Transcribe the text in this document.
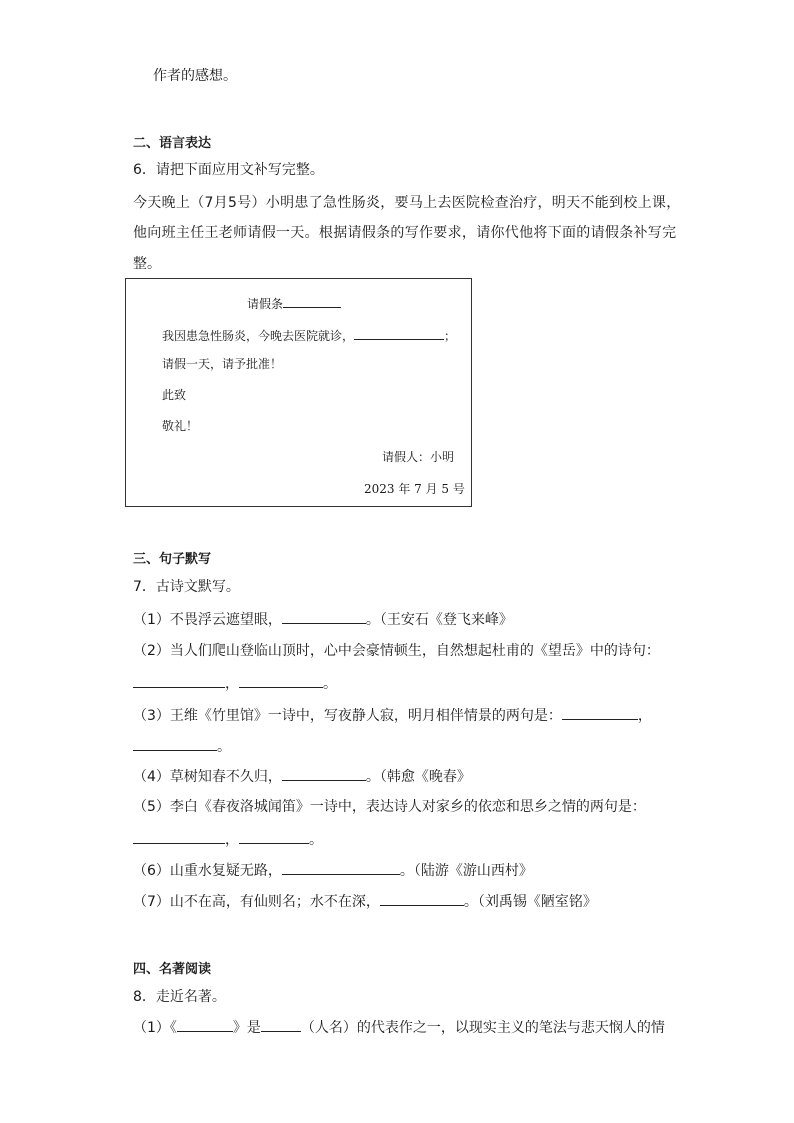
作者的感想。
二、语言表达
6．请把下面应用文补写完整。
今天晚上（7月5号）小明患了急性肠炎，要马上去医院检查治疗，明天不能到校上课，
他向班主任王老师请假一天。根据请假条的写作要求，请你代他将下面的请假条补写完
整。
请假条
我因患急性肠炎，今晚去医院就诊，	；
请假一天，请予批准！
此致
敬礼！
请假人：小明
2023 年 7 月 5 号
三、句子默写
7．古诗文默写。
（1）不畏浮云遮望眼，	。（王安石《登飞来峰》
（2）当人们爬山登临山顶时，心中会豪情顿生，自然想起杜甫的《望岳》中的诗句：
，	。
（3）王维《竹里馆》一诗中，写夜静人寂，明月相伴情景的两句是：	，
。
（4）草树知春不久归，	。（韩愈《晚春》
（5）李白《春夜洛城闻笛》一诗中，表达诗人对家乡的依恋和思乡之情的两句是：
，	。
（6）山重水复疑无路，	。（陆游《游山西村》
（7）山不在高，有仙则名；水不在深，	。（刘禹锡《陋室铭》
四、名著阅读
8．走近名著。
（1）《	》是	（人名）的代表作之一，以现实主义的笔法与悲天悯人的情
